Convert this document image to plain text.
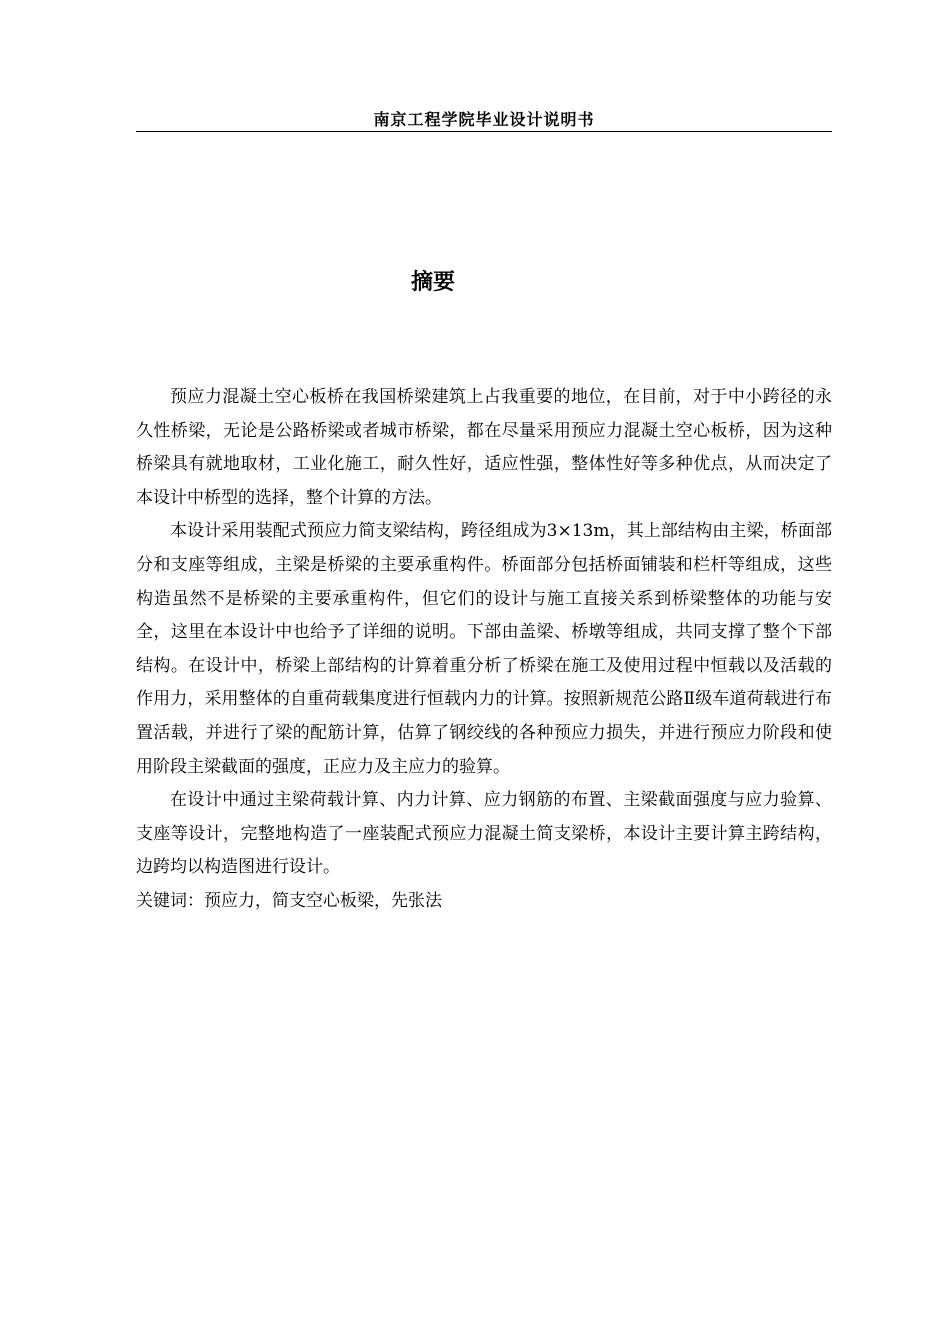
南京工程学院毕业设计说明书
摘要

预应力混凝土空心板桥在我国桥梁建筑上占我重要的地位，在目前，对于中小跨径的永久性桥梁，无论是公路桥梁或者城市桥梁，都在尽量采用预应力混凝土空心板桥，因为这种桥梁具有就地取材，工业化施工，耐久性好，适应性强，整体性好等多种优点，从而决定了本设计中桥型的选择，整个计算的方法。

本设计采用装配式预应力简支梁结构，跨径组成为3×13m，其上部结构由主梁，桥面部分和支座等组成，主梁是桥梁的主要承重构件。桥面部分包括桥面铺装和栏杆等组成，这些构造虽然不是桥梁的主要承重构件，但它们的设计与施工直接关系到桥梁整体的功能与安全，这里在本设计中也给予了详细的说明。下部由盖梁、桥墩等组成，共同支撑了整个下部结构。在设计中，桥梁上部结构的计算着重分析了桥梁在施工及使用过程中恒载以及活载的作用力，采用整体的自重荷载集度进行恒载内力的计算。按照新规范公路Ⅱ级车道荷载进行布置活载，并进行了梁的配筋计算，估算了钢绞线的各种预应力损失，并进行预应力阶段和使用阶段主梁截面的强度，正应力及主应力的验算。

在设计中通过主梁荷载计算、内力计算、应力钢筋的布置、主梁截面强度与应力验算、支座等设计，完整地构造了一座装配式预应力混凝土简支梁桥，本设计主要计算主跨结构，边跨均以构造图进行设计。

关键词：预应力，简支空心板梁，先张法
